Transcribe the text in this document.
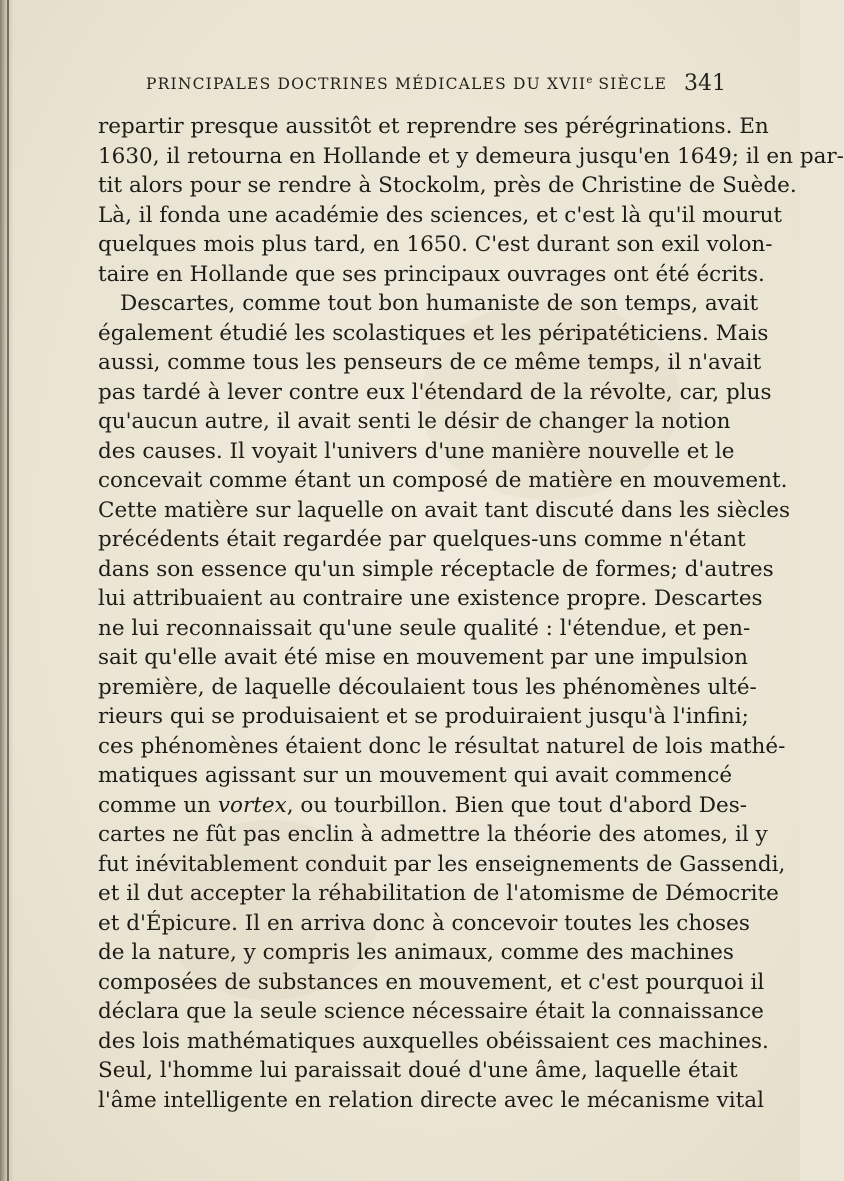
PRINCIPALES DOCTRINES MÉDICALES DU XVIIe SIÈCLE 341
repartir presque aussitôt et reprendre ses pérégrinations. En
1630, il retourna en Hollande et y demeura jusqu'en 1649; il en par-
tit alors pour se rendre à Stockolm, près de Christine de Suède.
Là, il fonda une académie des sciences, et c'est là qu'il mourut
quelques mois plus tard, en 1650. C'est durant son exil volon-
taire en Hollande que ses principaux ouvrages ont été écrits.
Descartes, comme tout bon humaniste de son temps, avait
également étudié les scolastiques et les péripatéticiens. Mais
aussi, comme tous les penseurs de ce même temps, il n'avait
pas tardé à lever contre eux l'étendard de la révolte, car, plus
qu'aucun autre, il avait senti le désir de changer la notion
des causes. Il voyait l'univers d'une manière nouvelle et le
concevait comme étant un composé de matière en mouvement.
Cette matière sur laquelle on avait tant discuté dans les siècles
précédents était regardée par quelques-uns comme n'étant
dans son essence qu'un simple réceptacle de formes; d'autres
lui attribuaient au contraire une existence propre. Descartes
ne lui reconnaissait qu'une seule qualité : l'étendue, et pen-
sait qu'elle avait été mise en mouvement par une impulsion
première, de laquelle découlaient tous les phénomènes ulté-
rieurs qui se produisaient et se produiraient jusqu'à l'infini;
ces phénomènes étaient donc le résultat naturel de lois mathé-
matiques agissant sur un mouvement qui avait commencé
comme un vortex, ou tourbillon. Bien que tout d'abord Des-
cartes ne fût pas enclin à admettre la théorie des atomes, il y
fut inévitablement conduit par les enseignements de Gassendi,
et il dut accepter la réhabilitation de l'atomisme de Démocrite
et d'Épicure. Il en arriva donc à concevoir toutes les choses
de la nature, y compris les animaux, comme des machines
composées de substances en mouvement, et c'est pourquoi il
déclara que la seule science nécessaire était la connaissance
des lois mathématiques auxquelles obéissaient ces machines.
Seul, l'homme lui paraissait doué d'une âme, laquelle était
l'âme intelligente en relation directe avec le mécanisme vital
